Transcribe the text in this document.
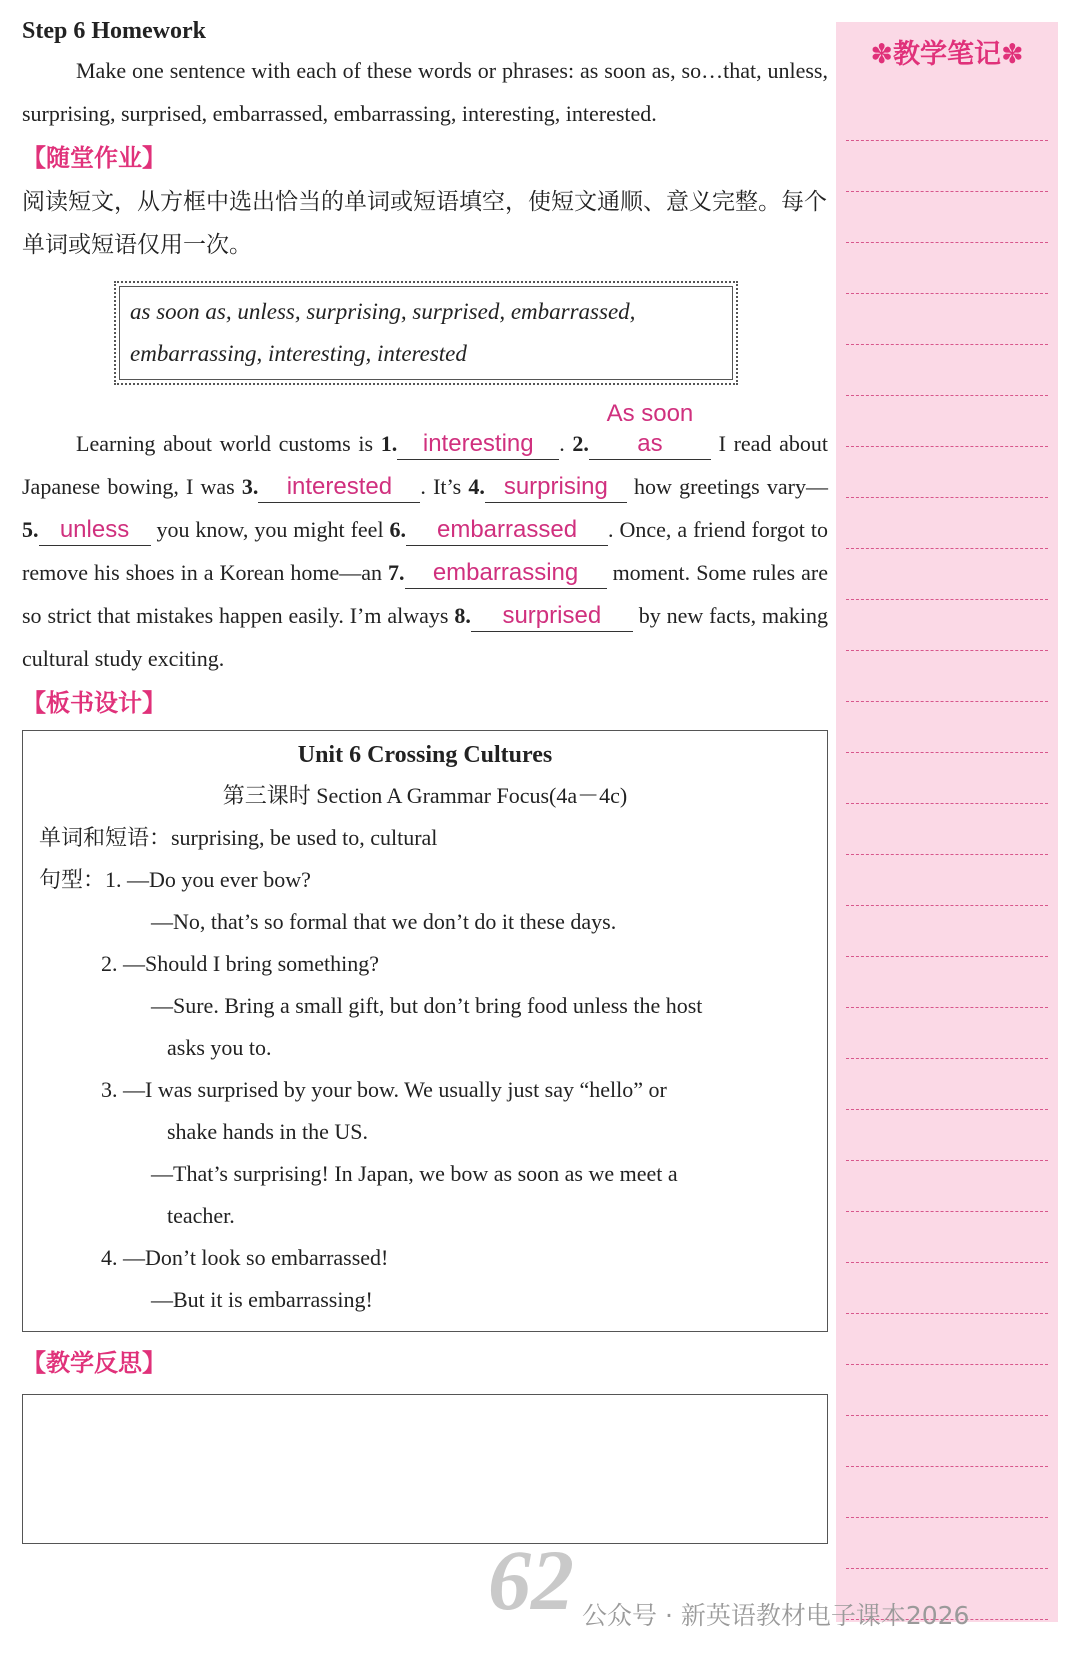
Step 6 Homework
Make one sentence with each of these words or phrases: as soon as, so…that, unless, surprising, surprised, embarrassed, embarrassing, interesting, interested.
【随堂作业】
阅读短文，从方框中选出恰当的单词或短语填空，使短文通顺、意义完整。每个单词或短语仅用一次。
as soon as, unless, surprising, surprised, embarrassed,
embarrassing, interesting, interested
Learning about world customs is 1. interesting . 2.As soon as I read about Japanese bowing, I was 3. interested . It’s 4. surprising how greetings vary— 5. unless you know, you might feel 6. embarrassed . Once, a friend forgot to remove his shoes in a Korean home—an 7. embarrassing moment. Some rules are so strict that mistakes happen easily. I’m always 8. surprised by new facts, making cultural study exciting.
【板书设计】
Unit 6 Crossing Cultures
第三课时 Section A Grammar Focus(4a－4c)
单词和短语：surprising, be used to, cultural
句型：1. —Do you ever bow?
—No, that’s so formal that we don’t do it these days.
2. —Should I bring something?
—Sure. Bring a small gift, but don’t bring food unless the host
asks you to.
3. —I was surprised by your bow. We usually just say “hello” or
shake hands in the US.
—That’s surprising! In Japan, we bow as soon as we meet a
teacher.
4. —Don’t look so embarrassed!
—But it is embarrassing!
【教学反思】
✽教学笔记✽
62 公众号 · 新英语教材电子课本2026
